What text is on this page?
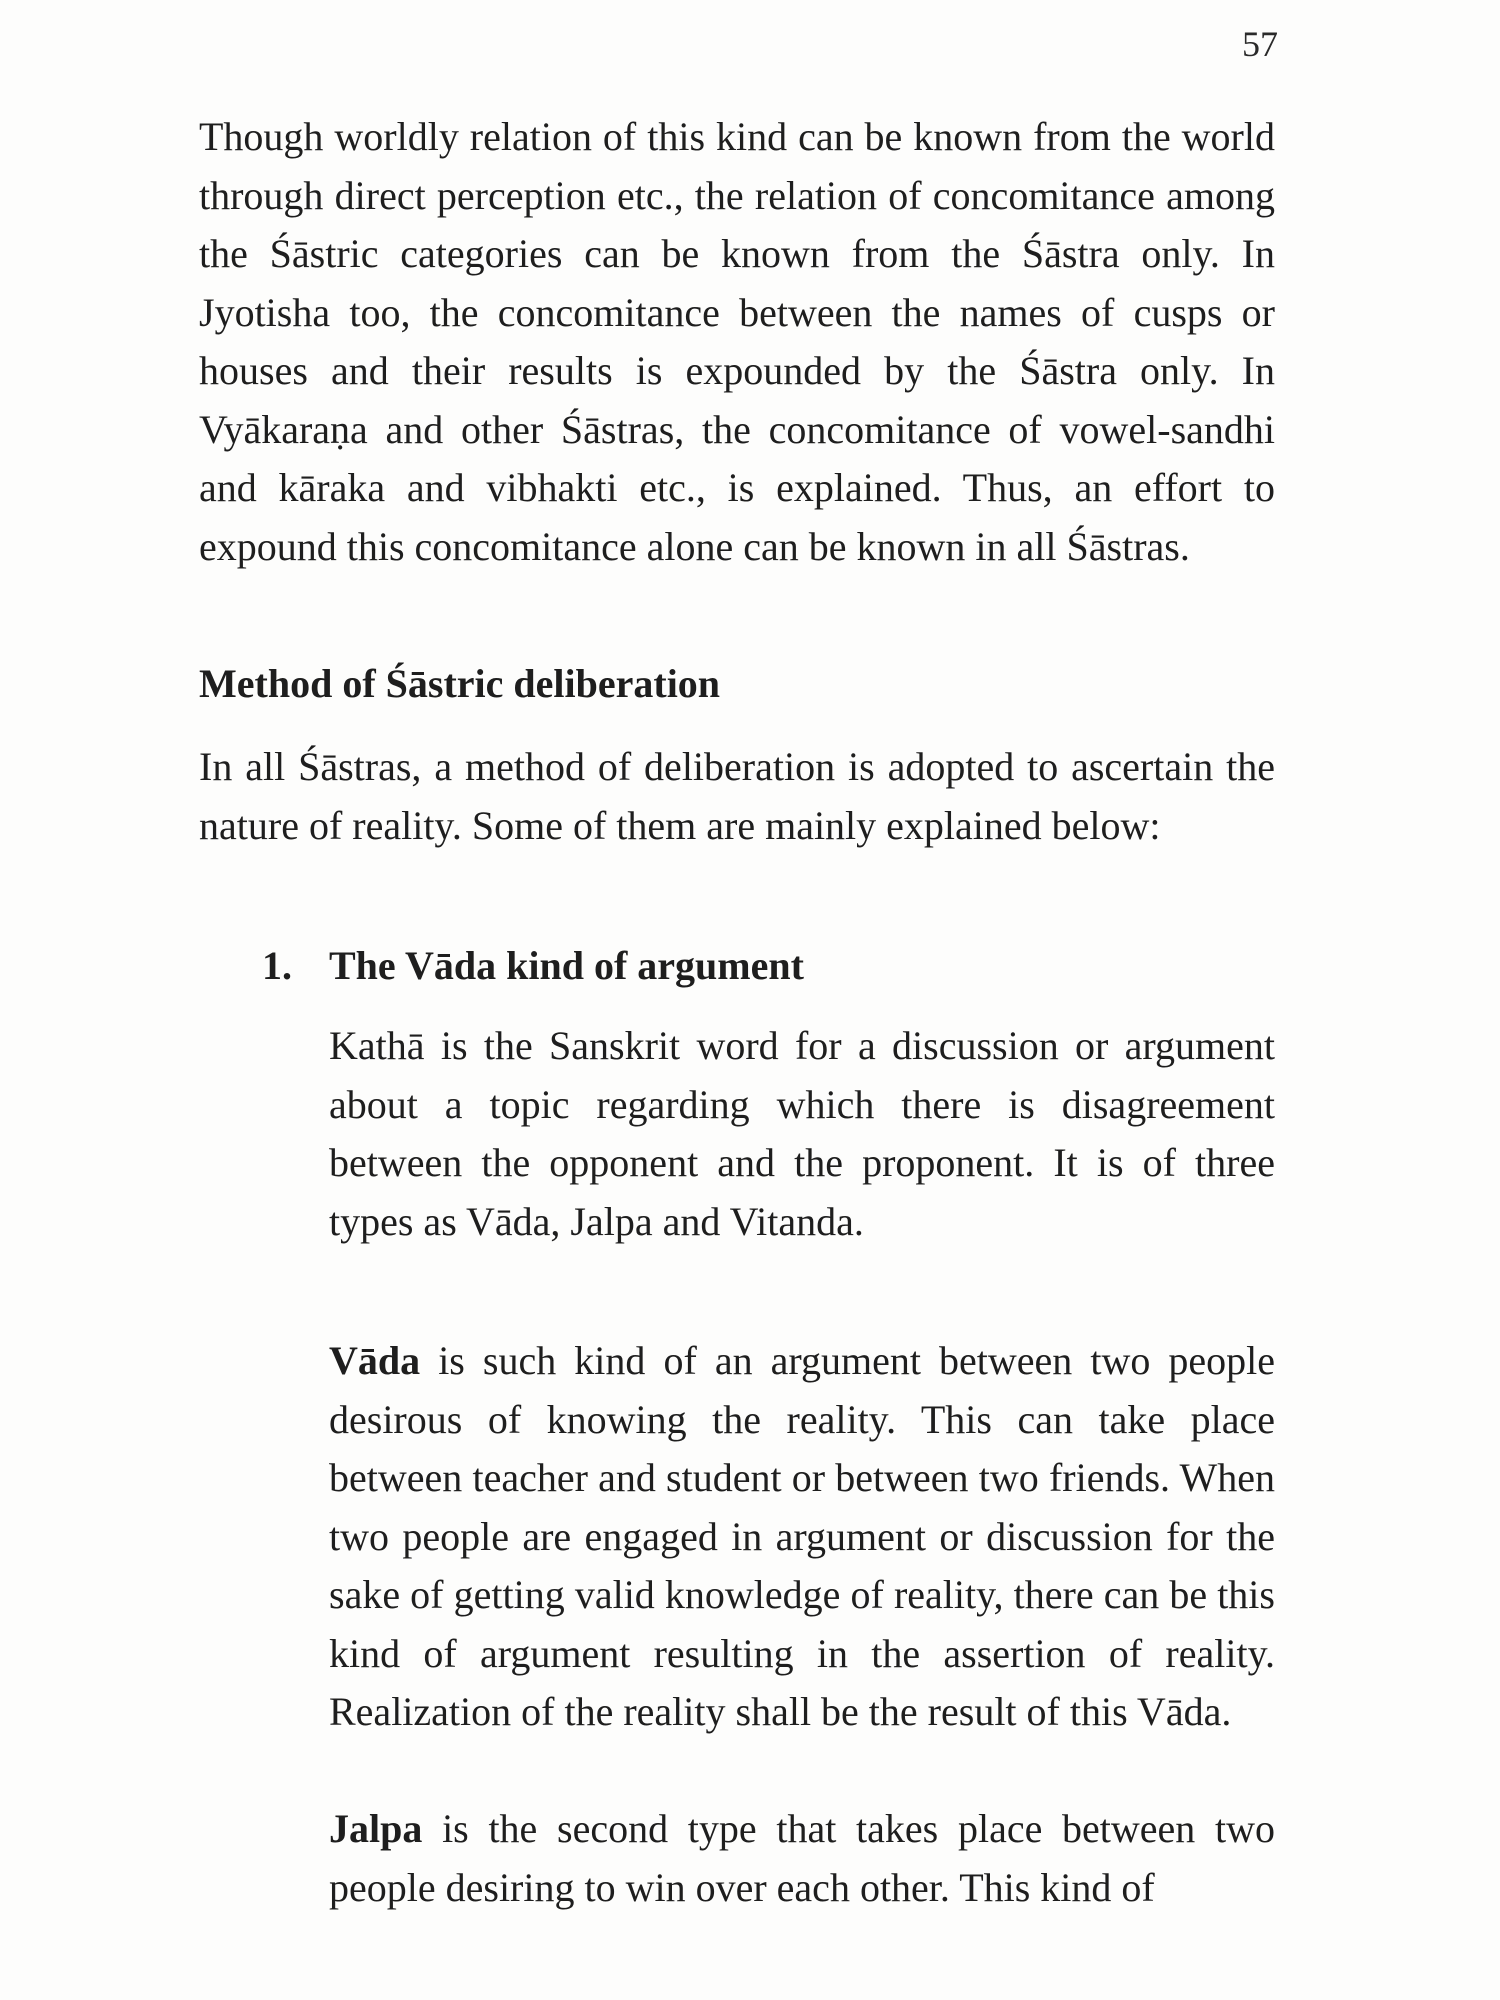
57

Though worldly relation of this kind can be known from the world through direct perception etc., the relation of concomitance among the Śāstric categories can be known from the Śāstra only. In Jyotisha too, the concomitance between the names of cusps or houses and their results is expounded by the Śāstra only. In Vyākaraṇa and other Śāstras, the concomitance of vowel-sandhi and kāraka and vibhakti etc., is explained. Thus, an effort to expound this concomitance alone can be known in all Śāstras.

Method of Śāstric deliberation

In all Śāstras, a method of deliberation is adopted to ascertain the nature of reality. Some of them are mainly explained below:

1. The Vāda kind of argument

Kathā is the Sanskrit word for a discussion or argument about a topic regarding which there is disagreement between the opponent and the proponent. It is of three types as Vāda, Jalpa and Vitanda.

Vāda is such kind of an argument between two people desirous of knowing the reality. This can take place between teacher and student or between two friends. When two people are engaged in argument or discussion for the sake of getting valid knowledge of reality, there can be this kind of argument resulting in the assertion of reality. Realization of the reality shall be the result of this Vāda.

Jalpa is the second type that takes place between two people desiring to win over each other. This kind of
